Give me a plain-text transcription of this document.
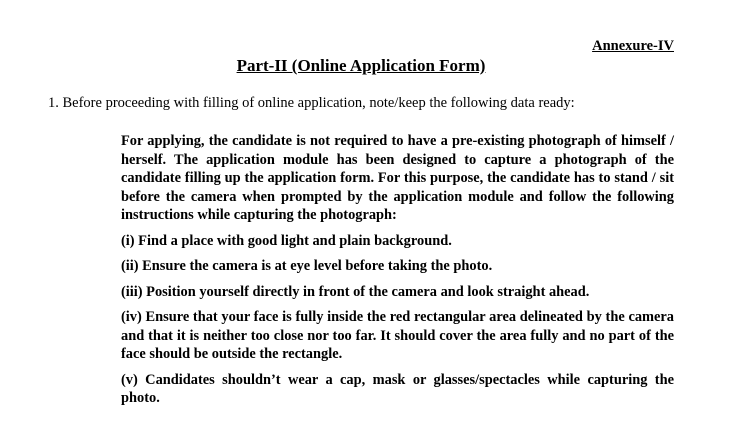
Annexure-IV

Part-II (Online Application Form)

1. Before proceeding with filling of online application, note/keep the following data ready:

For applying, the candidate is not required to have a pre-existing photograph of himself / herself. The application module has been designed to capture a photograph of the candidate filling up the application form. For this purpose, the candidate has to stand / sit before the camera when prompted by the application module and follow the following instructions while capturing the photograph:

(i) Find a place with good light and plain background.

(ii) Ensure the camera is at eye level before taking the photo.

(iii) Position yourself directly in front of the camera and look straight ahead.

(iv) Ensure that your face is fully inside the red rectangular area delineated by the camera and that it is neither too close nor too far. It should cover the area fully and no part of the face should be outside the rectangle.

(v) Candidates shouldn’t wear a cap, mask or glasses/spectacles while capturing the photo.
